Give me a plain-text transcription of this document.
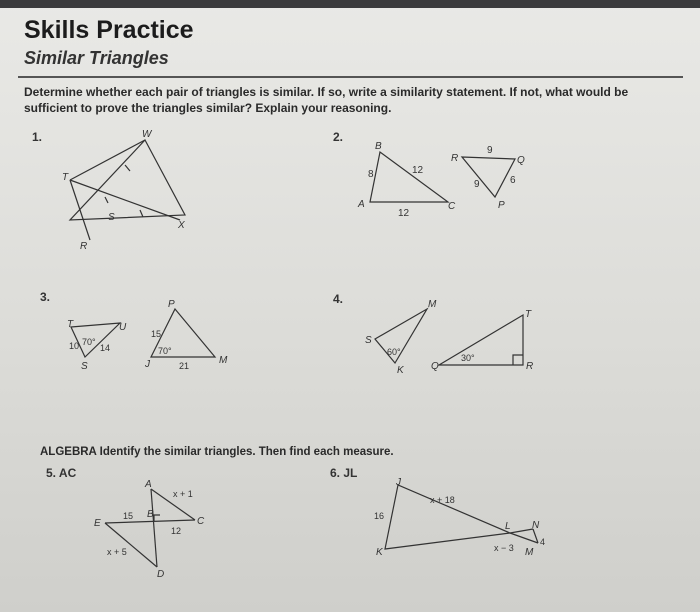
Skills Practice
Similar Triangles
Determine whether each pair of triangles is similar. If so, write a similarity statement. If not, what would be sufficient to prove the triangles similar? Explain your reasoning.
1.	W
T
S
X
R
2.
B
A	C
8	12
12
R	Q
P
9
9	6
3.
T	U
S
10 70°
14
P
J	M
15
70°
21
4.
S
K
M
60°
Q
T
R
30°
ALGEBRA Identify the similar triangles. Then find each measure.
5. AC	6. JL
A
E
B
C
D
x + 1
15
12
x + 5
J
K
L N
M
x + 18
16
x − 3
4
